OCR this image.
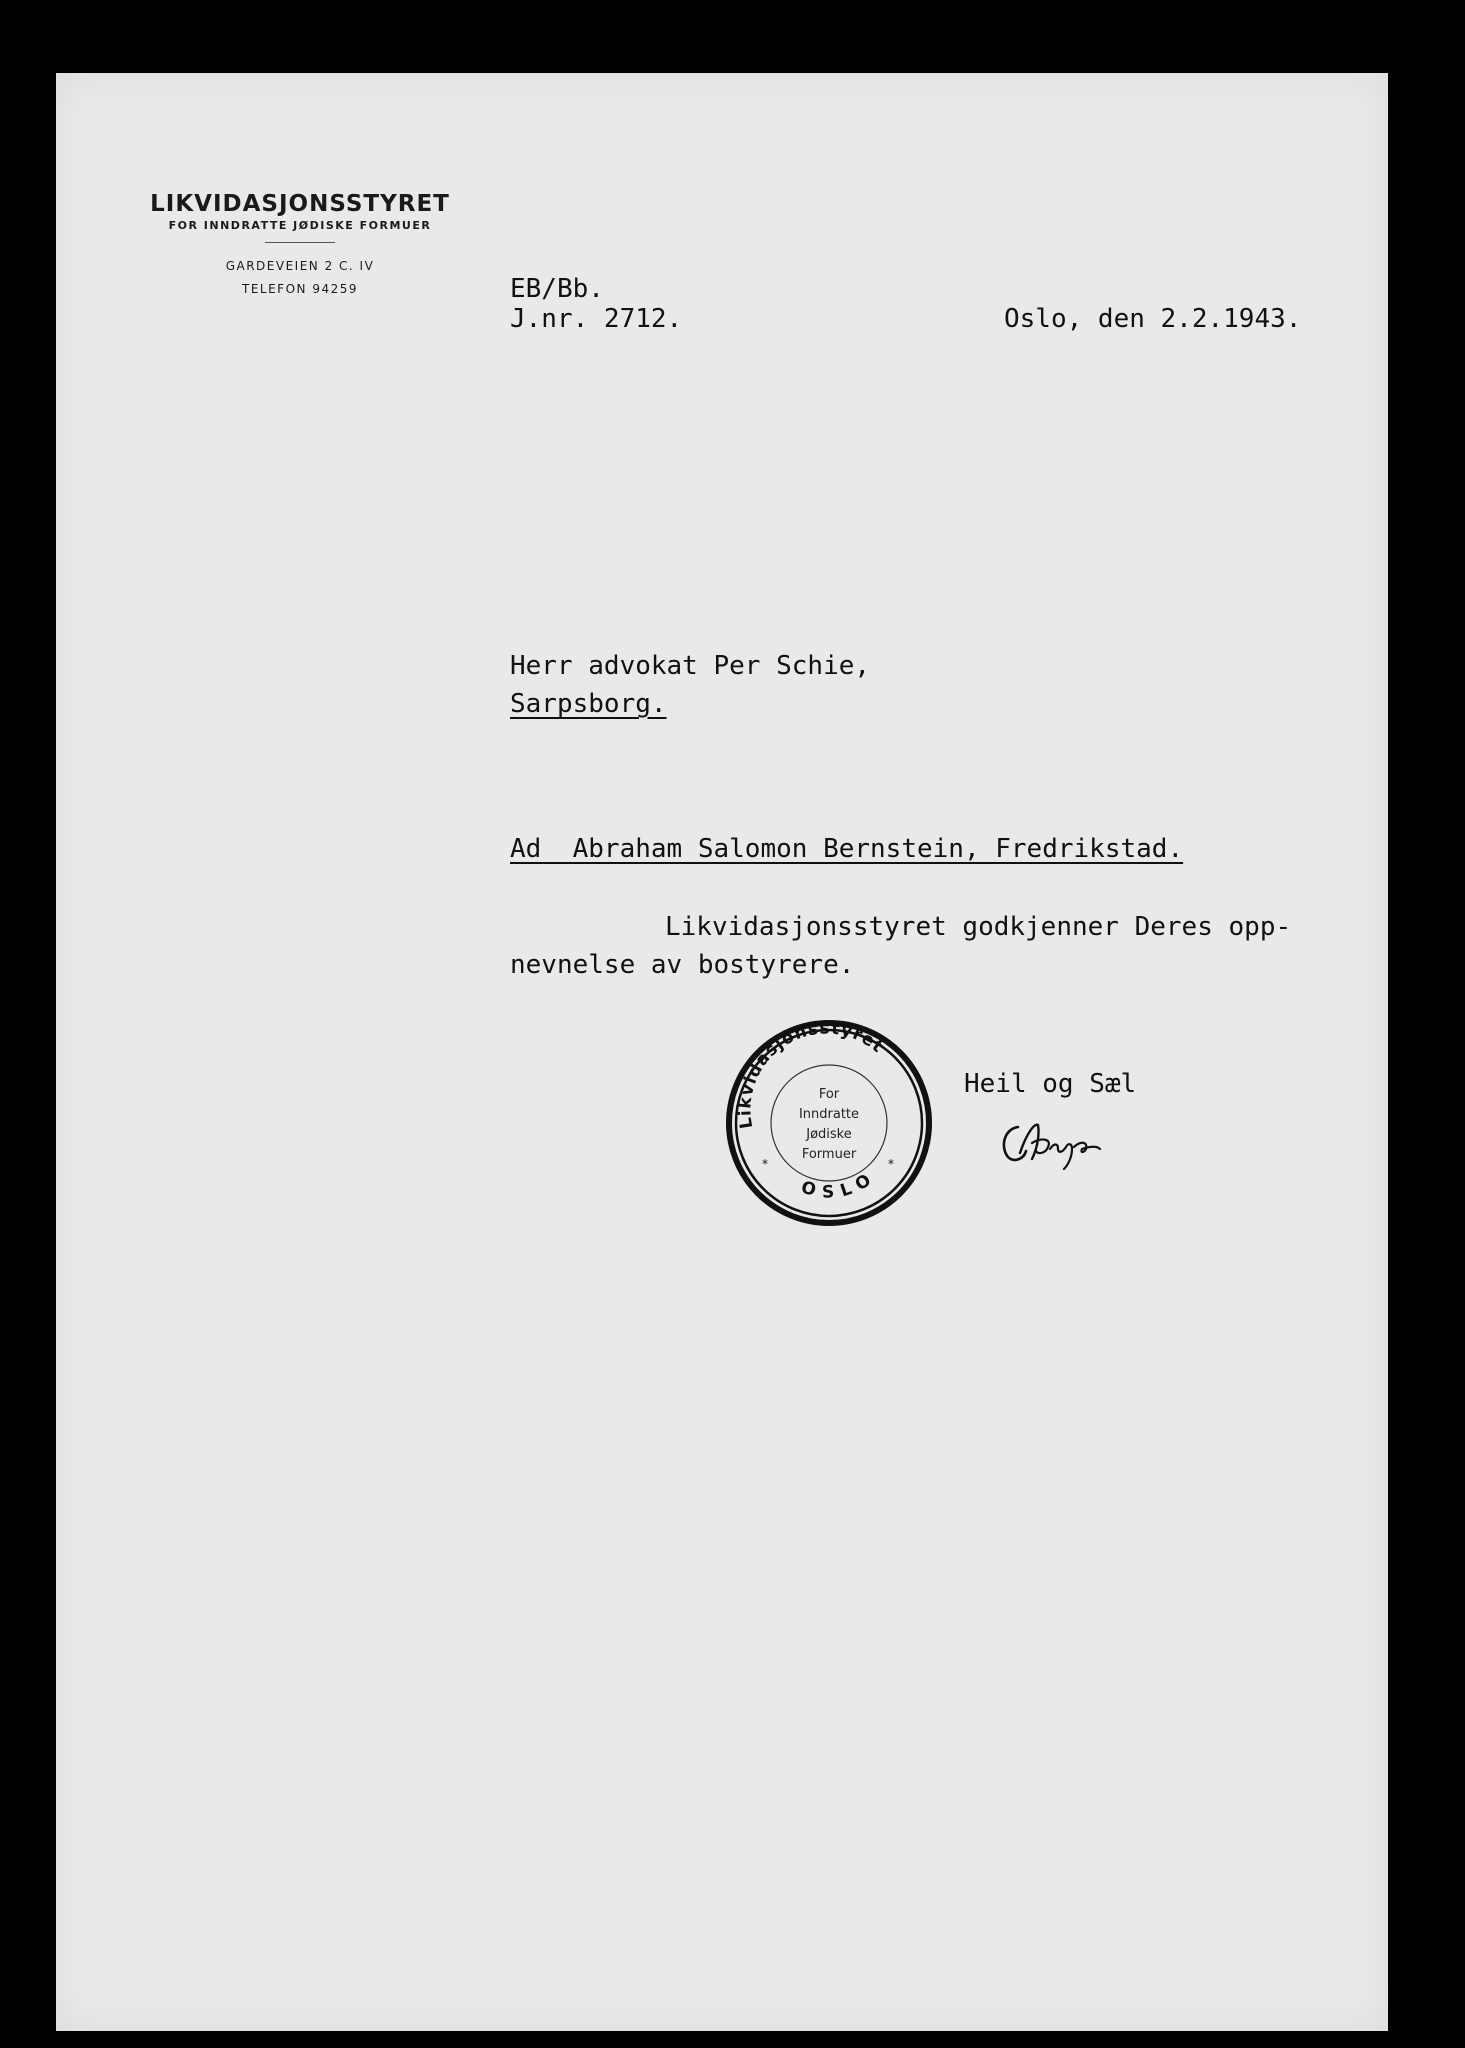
LIKVIDASJONSSTYRET
FOR INNDRATTE JØDISKE FORMUER
GARDEVEIEN 2 C. IV
TELEFON 94259	EB/Bb.
J.nr. 2712.	Oslo, den 2.2.1943.
Herr advokat Per Schie,
Sarpsborg.
Ad  Abraham Salomon Bernstein, Fredrikstad.
Likvidasjonsstyret godkjenner Deres opp-
nevnelse av bostyrere.
Heil og Sæl
Likvidasjonsstyret
OSLO
For
Inndratte
Jødiske
Formuer
*	*
